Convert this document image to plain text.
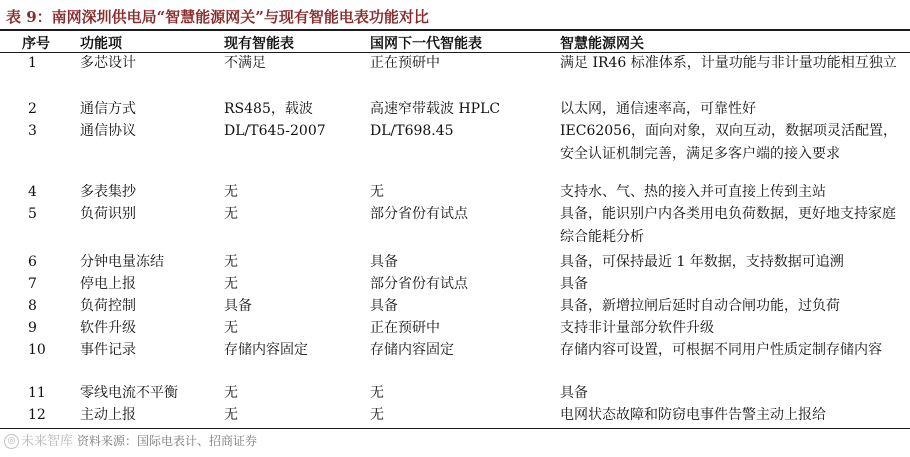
表 9：南网深圳供电局“智慧能源网关”与现有智能电表功能对比
序号 功能项	现有智能表	国网下一代智能表	智慧能源网关
1	多芯设计	不满足	正在预研中	满足 IR46 标准体系，计量功能与非计量功能相互独立
2	通信方式	RS485，载波	高速窄带载波 HPLC	以太网，通信速率高，可靠性好
3	通信协议	DL/T645-2007	DL/T698.45	IEC62056，面向对象，双向互动，数据项灵活配置，安全认证机制完善，满足多客户端的接入要求
4	多表集抄	无	无	支持水、气、热的接入并可直接上传到主站
5	负荷识别	无	部分省份有试点	具备，能识别户内各类用电负荷数据，更好地支持家庭综合能耗分析
6	分钟电量冻结	无	具备	具备，可保持最近 1 年数据，支持数据可追溯
7	停电上报	无	部分省份有试点	具备
8	负荷控制	具备	具备	具备，新增拉闸后延时自动合闸功能，过负荷
9	软件升级	无	正在预研中	支持非计量部分软件升级
10 事件记录	存储内容固定	存储内容固定	存储内容可设置，可根据不同用户性质定制存储内容
11 零线电流不平衡	无	无	具备
12 主动上报	无	无	电网状态故障和防窃电事件告警主动上报给
◎ 未来智库 资料来源：国际电表计、招商证券
